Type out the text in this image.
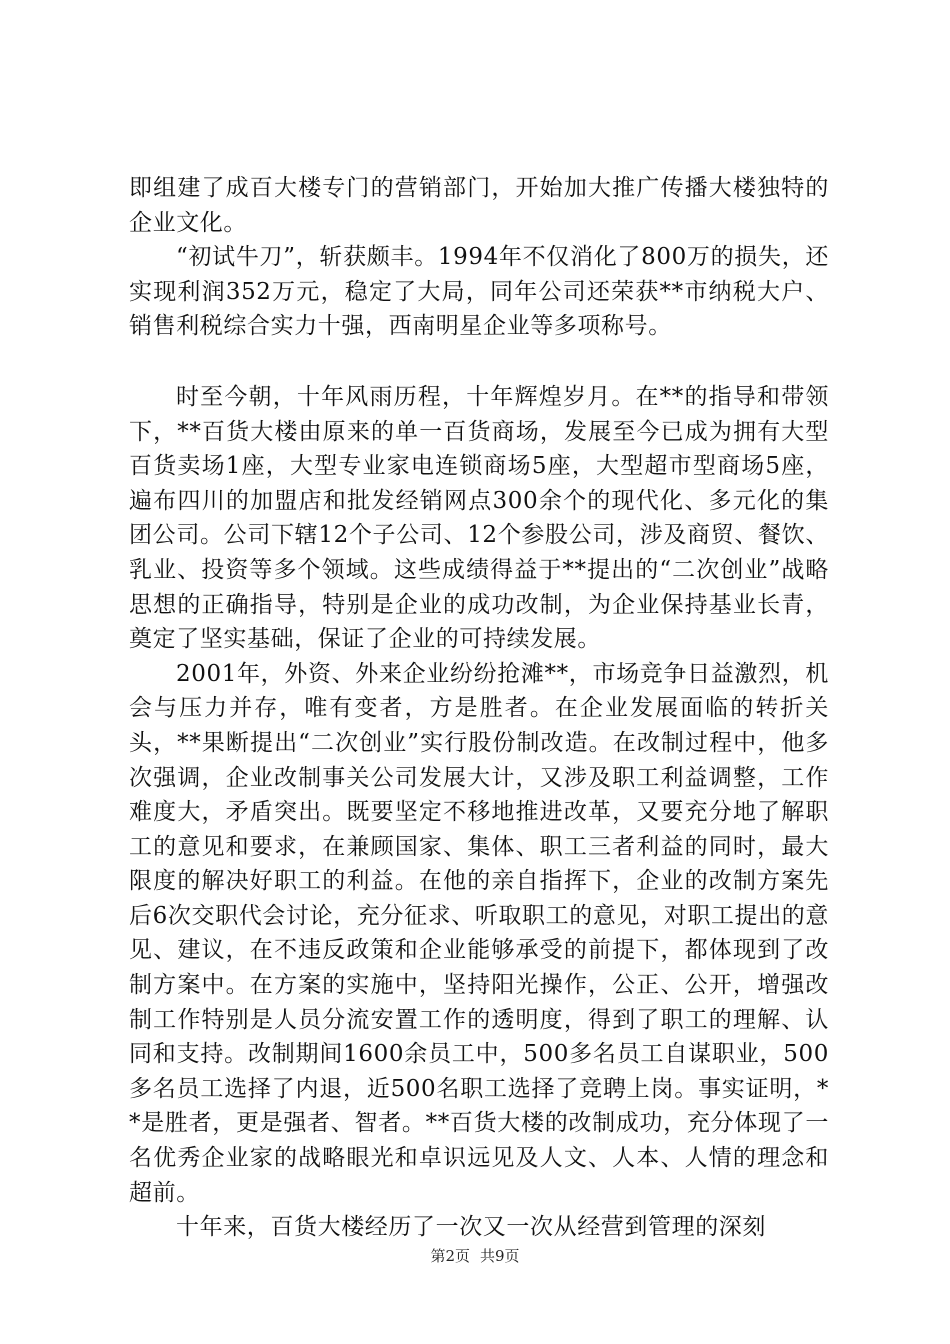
即组建了成百大楼专门的营销部门，开始加大推广传播大楼独特的企业文化。

“初试牛刀”，斩获颇丰。1994年不仅消化了800万的损失，还实现利润352万元，稳定了大局，同年公司还荣获**市纳税大户、销售利税综合实力十强，西南明星企业等多项称号。

时至今朝，十年风雨历程，十年辉煌岁月。在**的指导和带领下，**百货大楼由原来的单一百货商场，发展至今已成为拥有大型百货卖场1座，大型专业家电连锁商场5座，大型超市型商场5座，遍布四川的加盟店和批发经销网点300余个的现代化、多元化的集团公司。公司下辖12个子公司、12个参股公司，涉及商贸、餐饮、乳业、投资等多个领域。这些成绩得益于**提出的“二次创业”战略思想的正确指导，特别是企业的成功改制，为企业保持基业长青，奠定了坚实基础，保证了企业的可持续发展。

2001年，外资、外来企业纷纷抢滩**，市场竞争日益激烈，机会与压力并存，唯有变者，方是胜者。在企业发展面临的转折关头，**果断提出“二次创业”实行股份制改造。在改制过程中，他多次强调，企业改制事关公司发展大计，又涉及职工利益调整，工作难度大，矛盾突出。既要坚定不移地推进改革，又要充分地了解职工的意见和要求，在兼顾国家、集体、职工三者利益的同时，最大限度的解决好职工的利益。在他的亲自指挥下，企业的改制方案先后6次交职代会讨论，充分征求、听取职工的意见，对职工提出的意见、建议，在不违反政策和企业能够承受的前提下，都体现到了改制方案中。在方案的实施中，坚持阳光操作，公正、公开，增强改制工作特别是人员分流安置工作的透明度，得到了职工的理解、认同和支持。改制期间1600余员工中，500多名员工自谋职业，500多名员工选择了内退，近500名职工选择了竞聘上岗。事实证明，**是胜者，更是强者、智者。**百货大楼的改制成功，充分体现了一名优秀企业家的战略眼光和卓识远见及人文、人本、人情的理念和超前。

十年来，百货大楼经历了一次又一次从经营到管理的深刻

第2页 共9页
